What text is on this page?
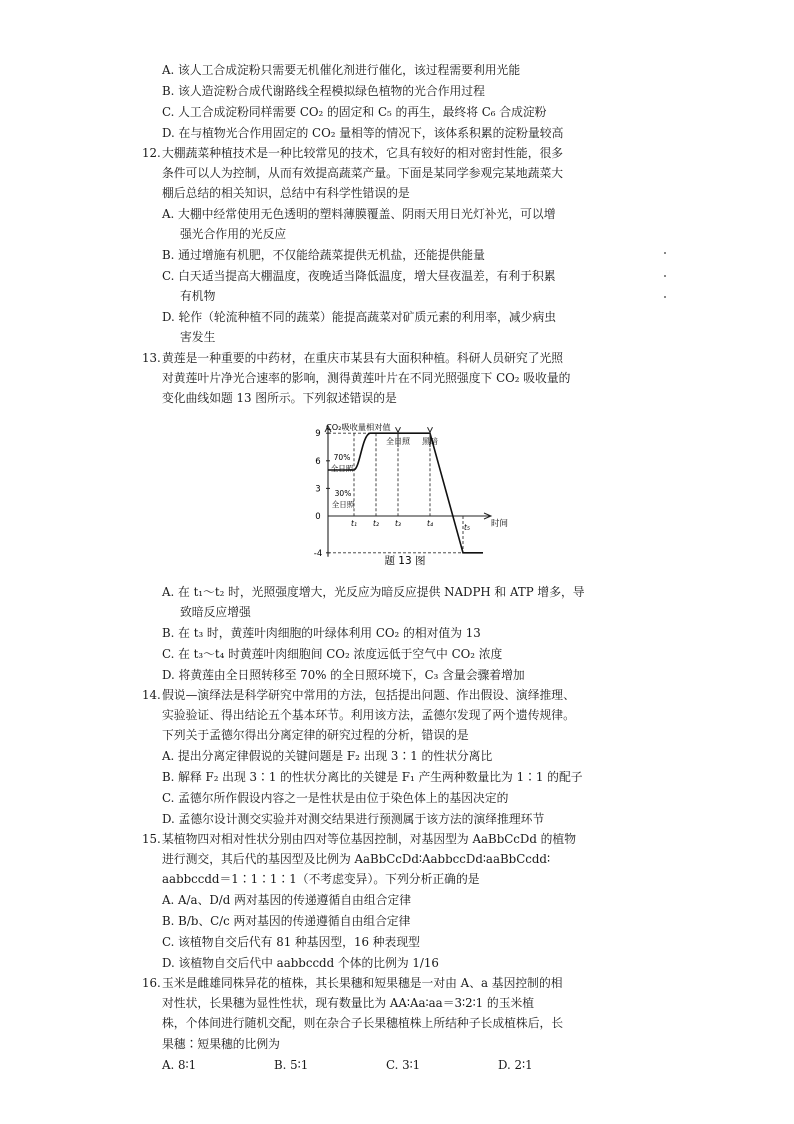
A. 该人工合成淀粉只需要无机催化剂进行催化，该过程需要利用光能
B. 该人造淀粉合成代谢路线全程模拟绿色植物的光合作用过程
C. 人工合成淀粉同样需要 CO₂ 的固定和 C₅ 的再生，最终将 C₆ 合成淀粉
D. 在与植物光合作用固定的 CO₂ 量相等的情况下，该体系积累的淀粉量较高
12. 大棚蔬菜种植技术是一种比较常见的技术，它具有较好的相对密封性能，很多
条件可以人为控制，从而有效提高蔬菜产量。下面是某同学参观完某地蔬菜大
棚后总结的相关知识，总结中有科学性错误的是
A. 大棚中经常使用无色透明的塑料薄膜覆盖、阴雨天用日光灯补光，可以增
强光合作用的光反应
B. 通过增施有机肥，不仅能给蔬菜提供无机盐，还能提供能量
C. 白天适当提高大棚温度，夜晚适当降低温度，增大昼夜温差，有利于积累
有机物
D. 轮作（轮流种植不同的蔬菜）能提高蔬菜对矿质元素的利用率，减少病虫
害发生
13. 黄莲是一种重要的中药材，在重庆市某县有大面积种植。科研人员研究了光照
对黄莲叶片净光合速率的影响，测得黄莲叶片在不同光照强度下 CO₂ 吸收量的
变化曲线如题 13 图所示。下列叙述错误的是
CO₂吸收量相对值
时间
9
6
3
0
-4
t₁ t₂ t₃	t₄	t₅
全日照 黑暗
70%
全日照
30%
全日照
题 13 图
A. 在 t₁～t₂ 时，光照强度增大，光反应为暗反应提供 NADPH 和 ATP 增多，导
致暗反应增强
B. 在 t₃ 时，黄莲叶肉细胞的叶绿体利用 CO₂ 的相对值为 13
C. 在 t₃～t₄ 时黄莲叶肉细胞间 CO₂ 浓度远低于空气中 CO₂ 浓度
D. 将黄莲由全日照转移至 70% 的全日照环境下，C₃ 含量会骤着增加
14. 假说—演绎法是科学研究中常用的方法，包括提出问题、作出假设、演绎推理、
实验验证、得出结论五个基本环节。利用该方法，孟德尔发现了两个遗传规律。
下列关于孟德尔得出分离定律的研究过程的分析，错误的是
A. 提出分离定律假说的关键问题是 F₂ 出现 3∶1 的性状分离比
B. 解释 F₂ 出现 3∶1 的性状分离比的关键是 F₁ 产生两种数量比为 1∶1 的配子
C. 孟德尔所作假设内容之一是性状是由位于染色体上的基因决定的
D. 孟德尔设计测交实验并对测交结果进行预测属于该方法的演绎推理环节
15. 某植物四对相对性状分别由四对等位基因控制，对基因型为 AaBbCcDd 的植物
进行测交，其后代的基因型及比例为 AaBbCcDd∶AabbccDd∶aaBbCcdd∶
aabbccdd＝1∶1∶1∶1（不考虑变异）。下列分析正确的是
A. A/a、D/d 两对基因的传递遵循自由组合定律
B. B/b、C/c 两对基因的传递遵循自由组合定律
C. 该植物自交后代有 81 种基因型，16 种表现型
D. 该植物自交后代中 aabbccdd 个体的比例为 1/16
16. 玉米是雌雄同株异花的植株，其长果穗和短果穗是一对由 A、a 基因控制的相
对性状，长果穗为显性性状，现有数量比为 AA∶Aa∶aa＝3∶2∶1 的玉米植
株，个体间进行随机交配，则在杂合子长果穗植株上所结种子长成植株后，长
果穗∶短果穗的比例为
A. 8∶1	B. 5∶1	C. 3∶1	D. 2∶1
